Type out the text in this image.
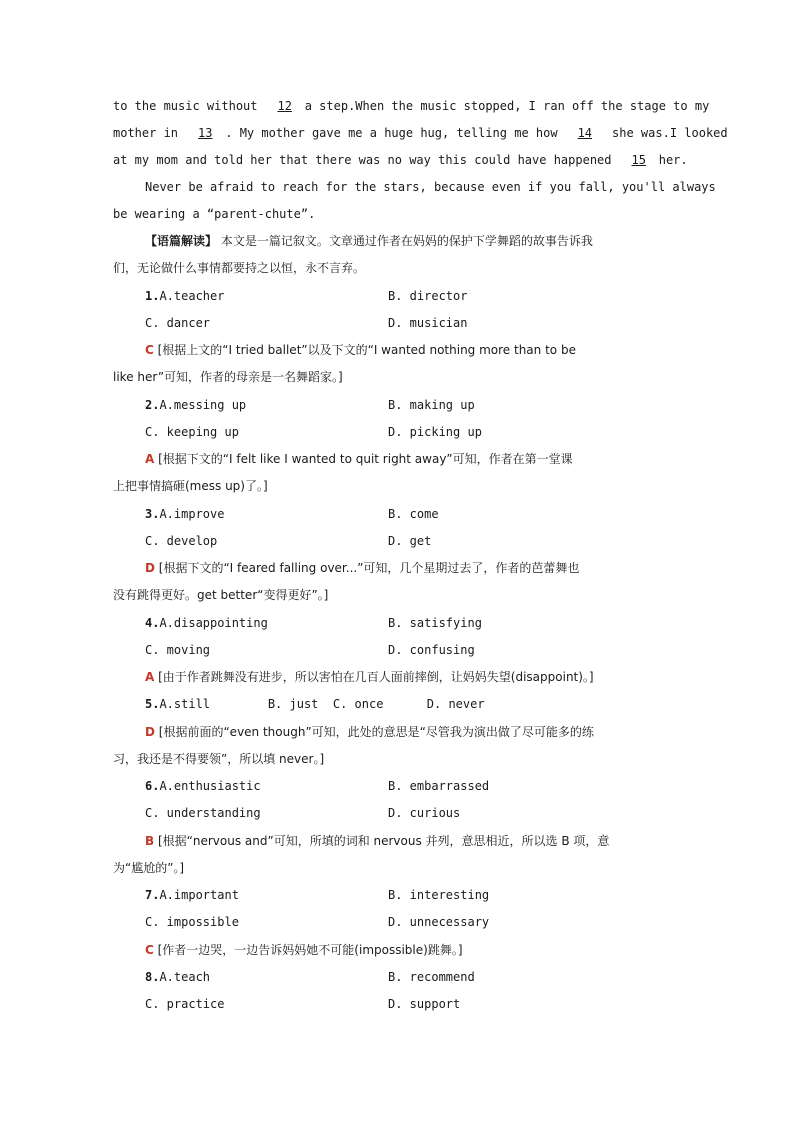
to the music without 12 a step.When the music stopped, I ran off the stage to my
mother in 13 . My mother gave me a huge hug, telling me how 14 she was.I looked
at my mom and told her that there was no way this could have happened 15 her.
Never be afraid to reach for the stars, because even if you fall, you'll always
be wearing a “parent-chute”.
【语篇解读】 本文是一篇记叙文。文章通过作者在妈妈的保护下学舞蹈的故事告诉我
们，无论做什么事情都要持之以恒，永不言弃。
1.A.teacher	B. director
C. dancer	D. musician
C [根据上文的“I tried ballet”以及下文的“I wanted nothing more than to be
like her”可知，作者的母亲是一名舞蹈家。]
2.A.messing up	B. making up
C. keeping up	D. picking up
A [根据下文的“I felt like I wanted to quit right away”可知，作者在第一堂课
上把事情搞砸(mess up)了。]
3.A.improve	B. come
C. develop	D. get
D [根据下文的“I feared falling over...”可知，几个星期过去了，作者的芭蕾舞也
没有跳得更好。get better“变得更好”。]
4.A.disappointing	B. satisfying
C. moving	D. confusing
A [由于作者跳舞没有进步，所以害怕在几百人面前摔倒，让妈妈失望(disappoint)。]
5.A.still        B. just  C. once      D. never
D [根据前面的“even though”可知，此处的意思是“尽管我为演出做了尽可能多的练
习，我还是不得要领”，所以填 never。]
6.A.enthusiastic	B. embarrassed
C. understanding	D. curious
B [根据“nervous and”可知，所填的词和 nervous 并列，意思相近，所以选 B 项，意
为“尴尬的”。]
7.A.important	B. interesting
C. impossible	D. unnecessary
C [作者一边哭，一边告诉妈妈她不可能(impossible)跳舞。]
8.A.teach	B. recommend
C. practice	D. support
